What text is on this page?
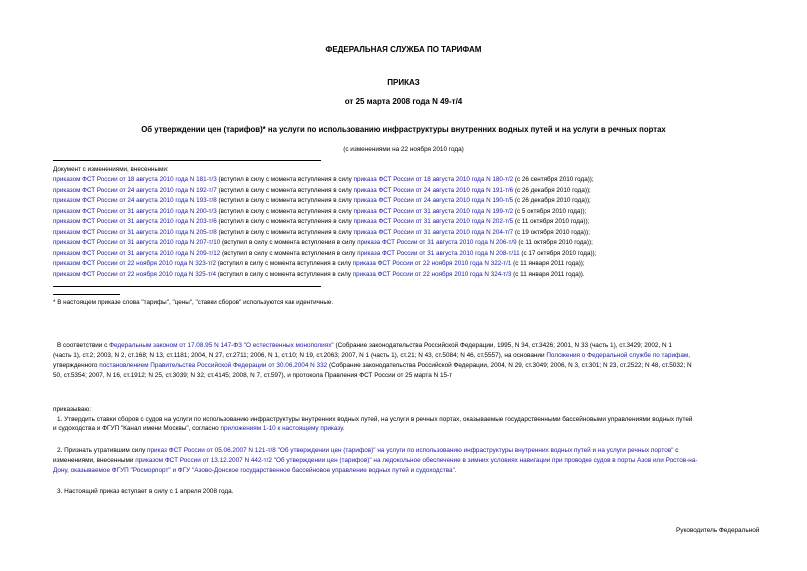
ФЕДЕРАЛЬНАЯ СЛУЖБА ПО ТАРИФАМ
ПРИКАЗ
от 25 марта 2008 года N 49-т/4
Об утверждении цен (тарифов)* на услуги по использованию инфраструктуры внутренних водных путей и на услуги в речных портах
(с изменениями на 22 ноября 2010 года)
Документ с изменениями, внесенными:
приказом ФСТ России от 18 августа 2010 года N 181-т/3 (вступил в силу с момента вступления в силу приказа ФСТ России от 18 августа 2010 года N 180-т/2 (с 26 сентября 2010 года));
приказом ФСТ России от 24 августа 2010 года N 192-т/7 (вступил в силу с момента вступления в силу приказа ФСТ России от 24 августа 2010 года N 191-т/6 (с 26 декабря 2010 года));
приказом ФСТ России от 24 августа 2010 года N 193-т/8 (вступил в силу с момента вступления в силу приказа ФСТ России от 24 августа 2010 года N 190-т/5 (с 26 декабря 2010 года));
приказом ФСТ России от 31 августа 2010 года N 200-т/3 (вступил в силу с момента вступления в силу приказа ФСТ России от 31 августа 2010 года N 199-т/2 (с 5 октября 2010 года));
приказом ФСТ России от 31 августа 2010 года N 203-т/6 (вступил в силу с момента вступления в силу приказа ФСТ России от 31 августа 2010 года N 202-т/5 (с 11 октября 2010 года));
приказом ФСТ России от 31 августа 2010 года N 205-т/8 (вступил в силу с момента вступления в силу приказа ФСТ России от 31 августа 2010 года N 204-т/7 (с 19 октября 2010 года));
приказом ФСТ России от 31 августа 2010 года N 207-т/10 (вступил в силу с момента вступления в силу приказа ФСТ России от 31 августа 2010 года N 206-т/9 (с 11 октября 2010 года));
приказом ФСТ России от 31 августа 2010 года N 209-т/12 (вступил в силу с момента вступления в силу приказа ФСТ России от 31 августа 2010 года N 208-т/11 (с 17 октября 2010 года));
приказом ФСТ России от 22 ноября 2010 года N 323-т/2 (вступил в силу с момента вступления в силу приказа ФСТ России от 22 ноября 2010 года N 322-т/1 (с 11 января 2011 года));
приказом ФСТ России от 22 ноября 2010 года N 325-т/4 (вступил в силу с момента вступления в силу приказа ФСТ России от 22 ноября 2010 года N 324-т/3 (с 11 января 2011 года)).
* В настоящем приказе слова "тарифы", "цены", "ставки сборов" используются как идентичные.
В соответствии с Федеральным законом от 17.08.95 N 147-ФЗ "О естественных монополиях" (Собрание законодательства Российской Федерации, 1995, N 34, ст.3426; 2001, N 33 (часть 1), ст.3429; 2002, N 1
(часть 1), ст.2; 2003, N 2, ст.168; N 13, ст.1181; 2004, N 27, ст.2711; 2006, N 1, ст.10; N 19, ст.2063; 2007, N 1 (часть 1), ст.21; N 43, ст.5084; N 46, ст.5557), на основании Положения о Федеральной службе по тарифам,
утвержденного постановлением Правительства Российской Федерации от 30.06.2004 N 332 (Собрание законодательства Российской Федерации, 2004, N 29, ст.3049; 2006, N 3, ст.301; N 23, ст.2522; N 48, ст.5032; N
50, ст.5354; 2007, N 16, ст.1912; N 25, ст.3039; N 32, ст.4145; 2008, N 7, ст.597), и протокола Правления ФСТ России от 25 марта N 15-т
приказываю:
1. Утвердить ставки сборов с судов на услуги по использованию инфраструктуры внутренних водных путей, на услуги в речных портах, оказываемые государственными бассейновыми управлениями водных путей
и судоходства и ФГУП "Канал имени Москвы", согласно приложениям 1-10 к настоящему приказу.
2. Признать утратившим силу приказ ФСТ России от 05.06.2007 N 121-т/8 "Об утверждении цен (тарифов)" на услуги по использованию инфраструктуры внутренних водных путей и на услуги речных портов" с
изменениями, внесенными приказом ФСТ России от 13.12.2007 N 442-т/2 "Об утверждении цен (тарифов)" на ледокольное обеспечение в зимних условиях навигации при проводке судов в порты Азов или Ростов-на-
Дону, оказываемое ФГУП "Росморпорт" и ФГУ "Азово-Донское государственное бассейновое управление водных путей и судоходства".
3. Настоящий приказ вступает в силу с 1 апреля 2008 года.
Руководитель Федеральной
